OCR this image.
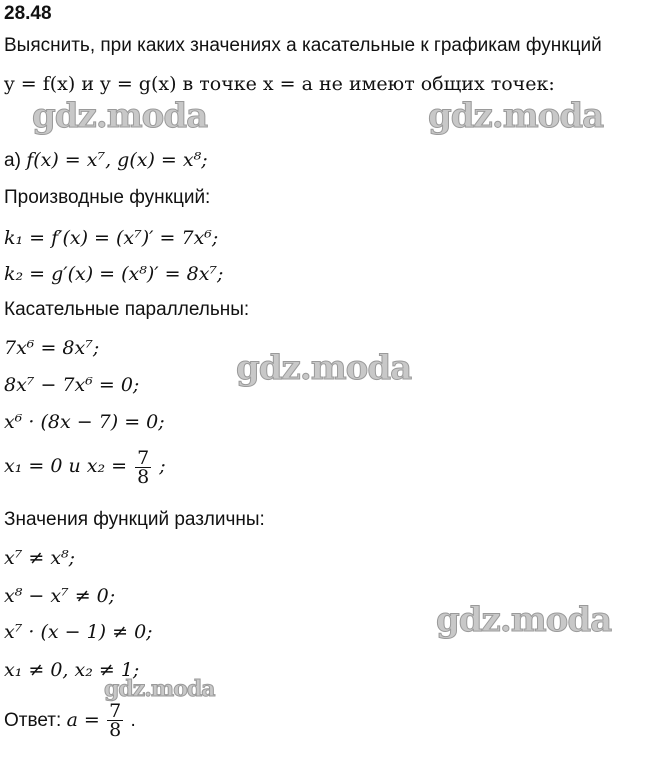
28.48
Выяснить, при каких значениях a касательные к графикам функций
y = f(x) и y = g(x) в точке x = a не имеют общих точек:
а) f(x) = x⁷, g(x) = x⁸;
Производные функций:
k₁ = f′(x) = (x⁷)′ = 7x⁶;
k₂ = g′(x) = (x⁸)′ = 8x⁷;
Касательные параллельны:
7x⁶ = 8x⁷;
8x⁷ − 7x⁶ = 0;
x⁶ · (8x − 7) = 0;
x₁ = 0 и $x_2 = \frac{7}{8}$ ;
Значения функций различны:
x⁷ ≠ x⁸;
x⁸ − x⁷ ≠ 0;
x⁷ · (x − 1) ≠ 0;
x₁ ≠ 0, x₂ ≠ 1;
Ответ: $a = \frac{7}{8}$ .
gdz.moda	gdz.moda
gdz.moda
gdz.moda
gdz.moda
